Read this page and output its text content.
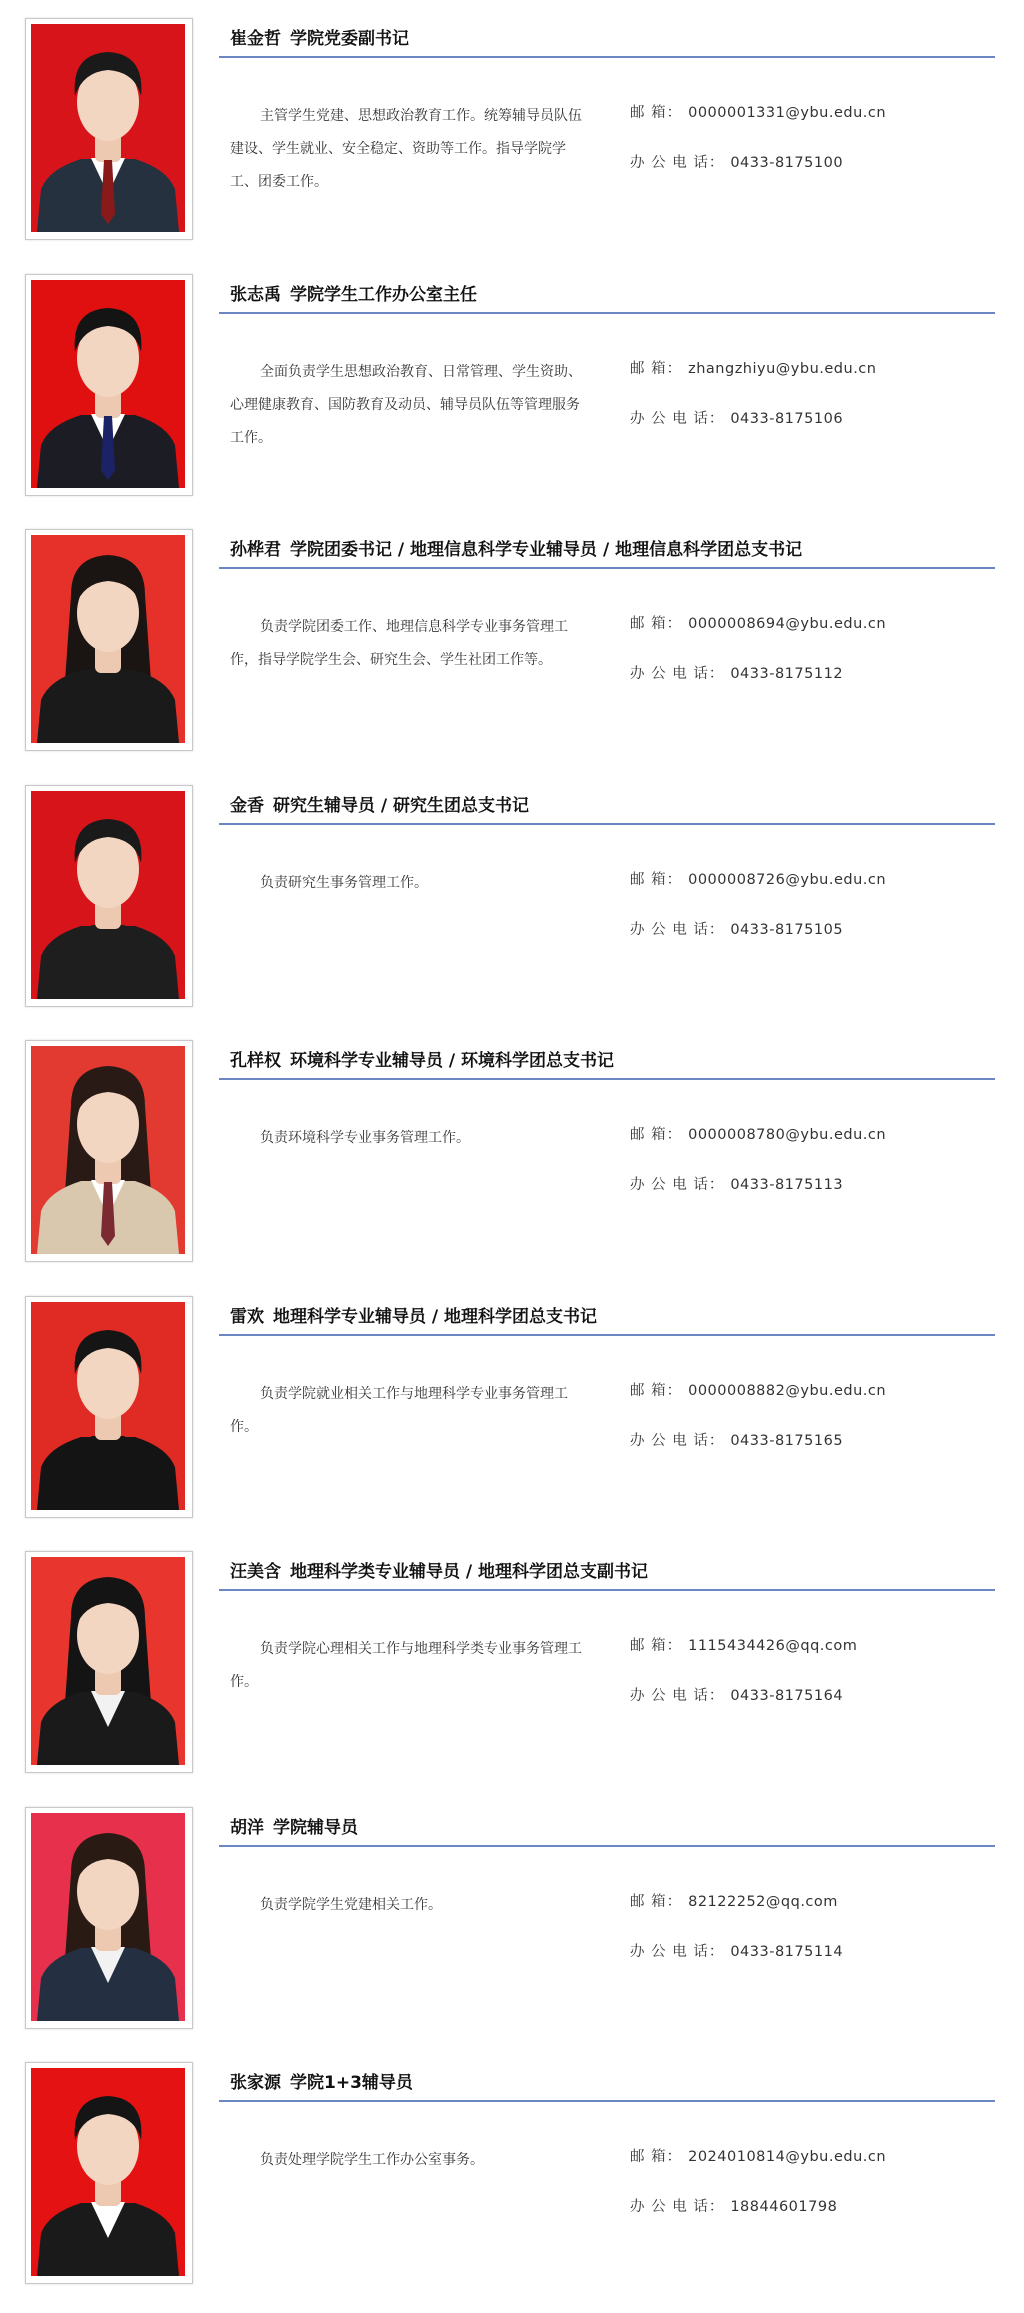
崔金哲 学院党委副书记
主管学生党建、思想政治教育工作。统筹辅导员队伍建设、学生就业、安全稳定、资助等工作。指导学院学工、团委工作。
邮 箱： 0000001331@ybu.edu.cn
办 公 电 话： 0433-8175100
张志禹 学院学生工作办公室主任
全面负责学生思想政治教育、日常管理、学生资助、心理健康教育、国防教育及动员、辅导员队伍等管理服务工作。
邮 箱： zhangzhiyu@ybu.edu.cn
办 公 电 话： 0433-8175106
孙桦君 学院团委书记 / 地理信息科学专业辅导员 / 地理信息科学团总支书记
负责学院团委工作、地理信息科学专业事务管理工作，指导学院学生会、研究生会、学生社团工作等。
邮 箱： 0000008694@ybu.edu.cn
办 公 电 话： 0433-8175112
金香 研究生辅导员 / 研究生团总支书记
负责研究生事务管理工作。	邮 箱： 0000008726@ybu.edu.cn
办 公 电 话： 0433-8175105
孔样权 环境科学专业辅导员 / 环境科学团总支书记
负责环境科学专业事务管理工作。	邮 箱： 0000008780@ybu.edu.cn
办 公 电 话： 0433-8175113
雷欢 地理科学专业辅导员 / 地理科学团总支书记
负责学院就业相关工作与地理科学专业事务管理工作。
邮 箱： 0000008882@ybu.edu.cn
办 公 电 话： 0433-8175165
汪美含 地理科学类专业辅导员 / 地理科学团总支副书记
负责学院心理相关工作与地理科学类专业事务管理工作。
邮 箱： 1115434426@qq.com
办 公 电 话： 0433-8175164
胡洋 学院辅导员
负责学院学生党建相关工作。	邮 箱： 82122252@qq.com
办 公 电 话： 0433-8175114
张家源 学院1+3辅导员
负责处理学院学生工作办公室事务。	邮 箱： 2024010814@ybu.edu.cn
办 公 电 话： 18844601798
